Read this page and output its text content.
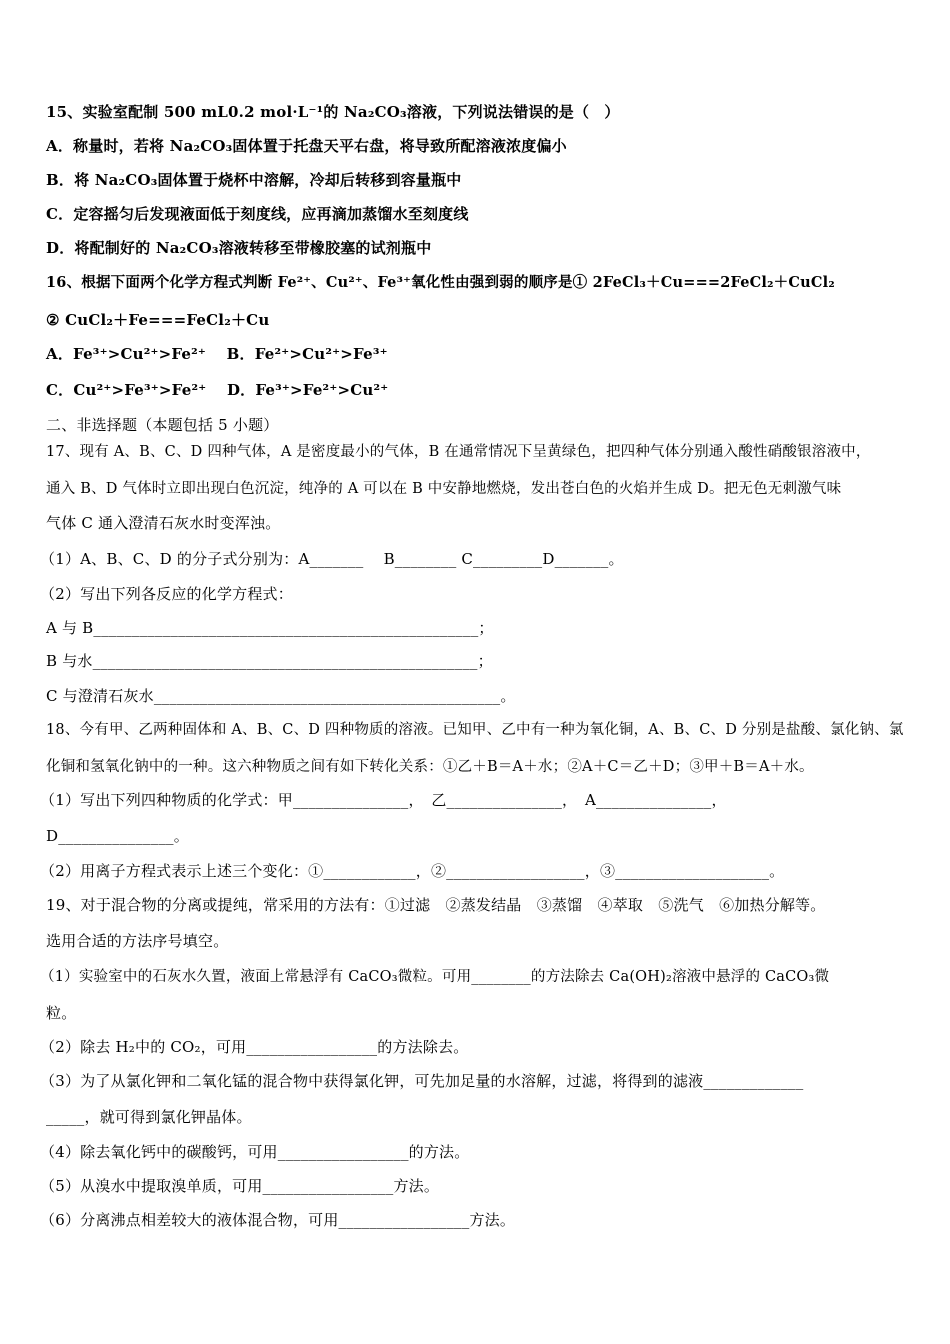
15、实验室配制 500 mL0.2 mol·L⁻¹的 Na₂CO₃溶液，下列说法错误的是（　）
A．称量时，若将 Na₂CO₃固体置于托盘天平右盘，将导致所配溶液浓度偏小
B．将 Na₂CO₃固体置于烧杯中溶解，冷却后转移到容量瓶中
C．定容摇匀后发现液面低于刻度线，应再滴加蒸馏水至刻度线
D．将配制好的 Na₂CO₃溶液转移至带橡胶塞的试剂瓶中
16、根据下面两个化学方程式判断 Fe²⁺、Cu²⁺、Fe³⁺氧化性由强到弱的顺序是① 2FeCl₃＋Cu===2FeCl₂＋CuCl₂
② CuCl₂＋Fe===FeCl₂＋Cu
A．Fe³⁺>Cu²⁺>Fe²⁺　 B．Fe²⁺>Cu²⁺>Fe³⁺
C．Cu²⁺>Fe³⁺>Fe²⁺　 D．Fe³⁺>Fe²⁺>Cu²⁺
二、非选择题（本题包括 5 小题）
17、现有 A、B、C、D 四种气体，A 是密度最小的气体，B 在通常情况下呈黄绿色，把四种气体分别通入酸性硝酸银溶液中，
通入 B、D 气体时立即出现白色沉淀，纯净的 A 可以在 B 中安静地燃烧，发出苍白色的火焰并生成 D。把无色无刺激气味
气体 C 通入澄清石灰水时变浑浊。
（1）A、B、C、D 的分子式分别为：A_______　 B________ C_________D_______。
（2）写出下列各反应的化学方程式：
A 与 B__________________________________________________；
B 与水__________________________________________________；
C 与澄清石灰水_____________________________________________。
18、今有甲、乙两种固体和 A、B、C、D 四种物质的溶液。已知甲、乙中有一种为氧化铜，A、B、C、D 分别是盐酸、氯化钠、氯
化铜和氢氧化钠中的一种。这六种物质之间有如下转化关系：①乙＋B＝A＋水；②A＋C＝乙＋D；③甲＋B＝A＋水。
（1）写出下列四种物质的化学式：甲_______________，　乙_______________，　A_______________，
D_______________。
（2）用离子方程式表示上述三个变化：①____________，②__________________，③____________________。
19、对于混合物的分离或提纯，常采用的方法有：①过滤　②蒸发结晶　③蒸馏　④萃取　⑤洗气　⑥加热分解等。
选用合适的方法序号填空。
（1）实验室中的石灰水久置，液面上常悬浮有 CaCO₃微粒。可用________的方法除去 Ca(OH)₂溶液中悬浮的 CaCO₃微
粒。
（2）除去 H₂中的 CO₂，可用_________________的方法除去。
（3）为了从氯化钾和二氧化锰的混合物中获得氯化钾，可先加足量的水溶解，过滤，将得到的滤液_____________
_____，就可得到氯化钾晶体。
（4）除去氧化钙中的碳酸钙，可用_________________的方法。
（5）从溴水中提取溴单质，可用_________________方法。
（6）分离沸点相差较大的液体混合物，可用_________________方法。
